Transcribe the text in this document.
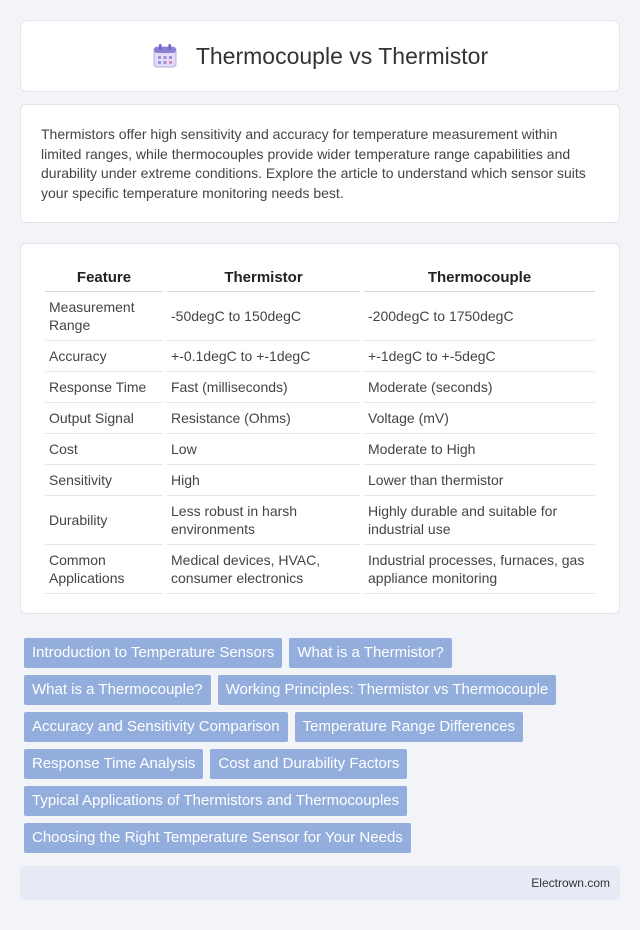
Thermocouple vs Thermistor

Thermistors offer high sensitivity and accuracy for temperature measurement within limited ranges, while thermocouples provide wider temperature range capabilities and durability under extreme conditions. Explore the article to understand which sensor suits your specific temperature monitoring needs best.

Feature	Thermistor	Thermocouple
Measurement Range	-50degC to 150degC	-200degC to 1750degC
Accuracy	+-0.1degC to +-1degC	+-1degC to +-5degC
Response Time	Fast (milliseconds)	Moderate (seconds)
Output Signal	Resistance (Ohms)	Voltage (mV)
Cost	Low	Moderate to High
Sensitivity	High	Lower than thermistor
Durability	Less robust in harsh environments	Highly durable and suitable for industrial use
Common Applications	Medical devices, HVAC, consumer electronics	Industrial processes, furnaces, gas appliance monitoring
Introduction to Temperature Sensors	What is a Thermistor?
What is a Thermocouple?	Working Principles: Thermistor vs Thermocouple
Accuracy and Sensitivity Comparison	Temperature Range Differences
Response Time Analysis	Cost and Durability Factors
Typical Applications of Thermistors and Thermocouples
Choosing the Right Temperature Sensor for Your Needs
Electrown.com
